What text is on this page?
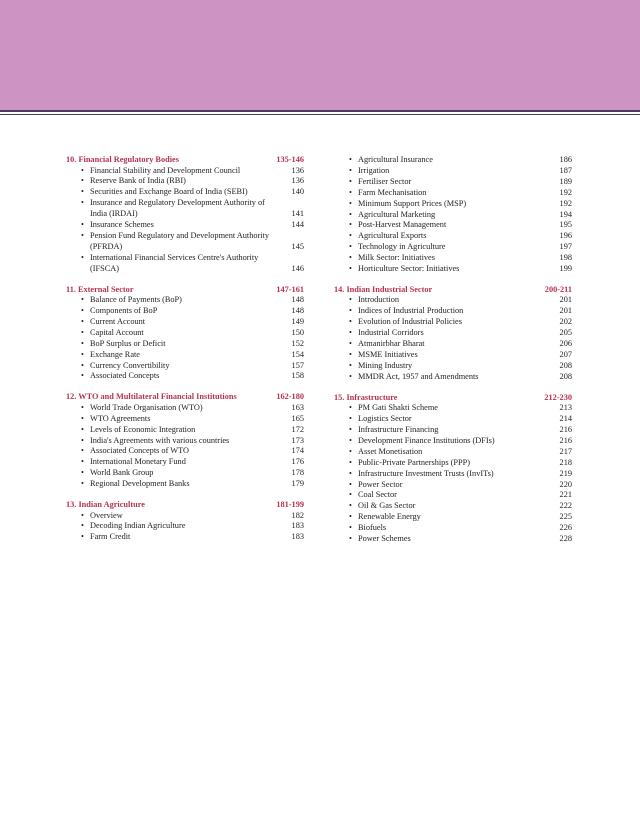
10. Financial Regulatory Bodies	135-146
• Financial Stability and Development Council	136
• Reserve Bank of India (RBI)	136
• Securities and Exchange Board of India (SEBI)	140
• Insurance and Regulatory Development Authority of India (IRDAI)	141
• Insurance Schemes	144
• Pension Fund Regulatory and Development Authority (PFRDA)	145
• International Financial Services Centre's Authority (IFSCA)	146
11. External Sector	147-161
• Balance of Payments (BoP)	148
• Components of BoP	148
• Current Account	149
• Capital Account	150
• BoP Surplus or Deficit	152
• Exchange Rate	154
• Currency Convertibility	157
• Associated Concepts	158
12. WTO and Multilateral Financial Institutions	162-180
• World Trade Organisation (WTO)	163
• WTO Agreements	165
• Levels of Economic Integration	172
• India's Agreements with various countries	173
• Associated Concepts of WTO	174
• International Monetary Fund	176
• World Bank Group	178
• Regional Development Banks	179
13. Indian Agriculture	181-199
• Overview	182
• Decoding Indian Agriculture	183
• Farm Credit	183
• Agricultural Insurance	186
• Irrigation	187
• Fertiliser Sector	189
• Farm Mechanisation	192
• Minimum Support Prices (MSP)	192
• Agricultural Marketing	194
• Post-Harvest Management	195
• Agricultural Exports	196
• Technology in Agriculture	197
• Milk Sector: Initiatives	198
• Horticulture Sector: Initiatives	199
14. Indian Industrial Sector	200-211
• Introduction	201
• Indices of Industrial Production	201
• Evolution of Industrial Policies	202
• Industrial Corridors	205
• Atmanirbhar Bharat	206
• MSME Initiatives	207
• Mining Industry	208
• MMDR Act, 1957 and Amendments	208
15. Infrastructure	212-230
• PM Gati Shakti Scheme	213
• Logistics Sector	214
• Infrastructure Financing	216
• Development Finance Institutions (DFIs)	216
• Asset Monetisation	217
• Public-Private Partnerships (PPP)	218
• Infrastructure Investment Trusts (InvITs)	219
• Power Sector	220
• Coal Sector	221
• Oil & Gas Sector	222
• Renewable Energy	225
• Biofuels	226
• Power Schemes	228
